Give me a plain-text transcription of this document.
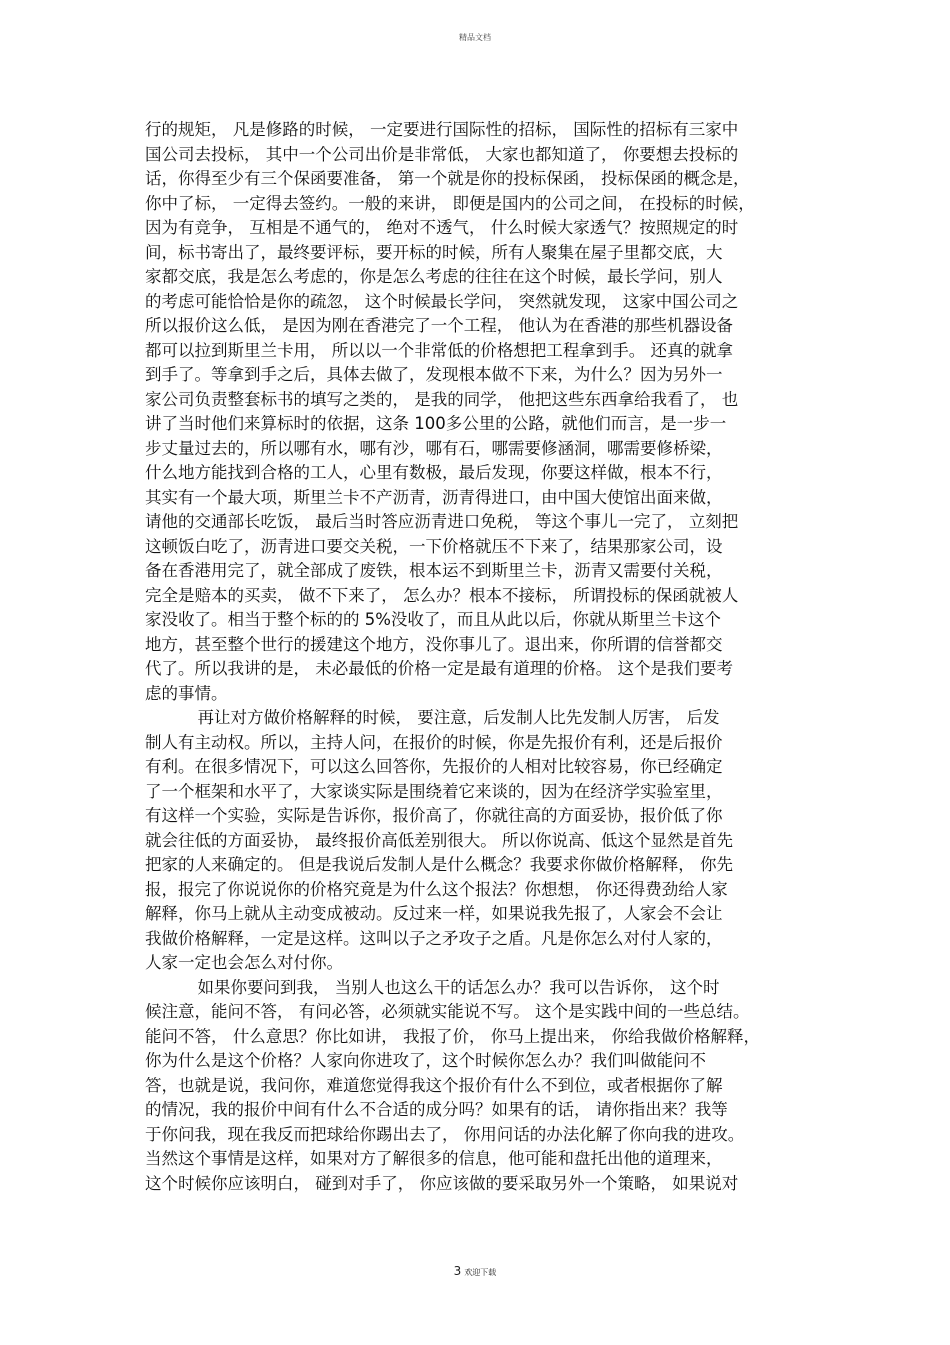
精品文档
行的规矩， 凡是修路的时候， 一定要进行国际性的招标， 国际性的招标有三家中
国公司去投标， 其中一个公司出价是非常低， 大家也都知道了， 你要想去投标的
话，你得至少有三个保函要准备， 第一个就是你的投标保函， 投标保函的概念是，
你中了标， 一定得去签约。一般的来讲， 即便是国内的公司之间， 在投标的时候，
因为有竞争， 互相是不通气的， 绝对不透气， 什么时候大家透气？按照规定的时
间，标书寄出了，最终要评标，要开标的时候，所有人聚集在屋子里都交底，大
家都交底，我是怎么考虑的，你是怎么考虑的往往在这个时候，最长学问，别人
的考虑可能恰恰是你的疏忽， 这个时候最长学问， 突然就发现， 这家中国公司之
所以报价这么低， 是因为刚在香港完了一个工程， 他认为在香港的那些机器设备
都可以拉到斯里兰卡用， 所以以一个非常低的价格想把工程拿到手。 还真的就拿
到手了。等拿到手之后，具体去做了，发现根本做不下来，为什么？因为另外一
家公司负责整套标书的填写之类的， 是我的同学， 他把这些东西拿给我看了， 也
讲了当时他们来算标时的依据，这条 100多公里的公路，就他们而言，是一步一
步丈量过去的，所以哪有水，哪有沙，哪有石，哪需要修涵洞，哪需要修桥梁，
什么地方能找到合格的工人，心里有数极，最后发现，你要这样做，根本不行，
其实有一个最大项，斯里兰卡不产沥青，沥青得进口，由中国大使馆出面来做，
请他的交通部长吃饭， 最后当时答应沥青进口免税， 等这个事儿一完了， 立刻把
这顿饭白吃了，沥青进口要交关税，一下价格就压不下来了，结果那家公司，设
备在香港用完了，就全部成了废铁，根本运不到斯里兰卡，沥青又需要付关税，
完全是赔本的买卖， 做不下来了， 怎么办？根本不接标， 所谓投标的保函就被人
家没收了。相当于整个标的的 5%没收了，而且从此以后，你就从斯里兰卡这个
地方，甚至整个世行的援建这个地方，没你事儿了。退出来，你所谓的信誉都交
代了。所以我讲的是， 未必最低的价格一定是最有道理的价格。 这个是我们要考
虑的事情。
再让对方做价格解释的时候， 要注意，后发制人比先发制人厉害， 后发
制人有主动权。所以，主持人问，在报价的时候，你是先报价有利，还是后报价
有利。在很多情况下，可以这么回答你，先报价的人相对比较容易，你已经确定
了一个框架和水平了，大家谈实际是围绕着它来谈的，因为在经济学实验室里，
有这样一个实验，实际是告诉你，报价高了，你就往高的方面妥协，报价低了你
就会往低的方面妥协， 最终报价高低差别很大。 所以你说高、低这个显然是首先
把家的人来确定的。 但是我说后发制人是什么概念？我要求你做价格解释， 你先
报，报完了你说说你的价格究竟是为什么这个报法？你想想， 你还得费劲给人家
解释，你马上就从主动变成被动。反过来一样，如果说我先报了，人家会不会让
我做价格解释，一定是这样。这叫以子之矛攻子之盾。凡是你怎么对付人家的，
人家一定也会怎么对付你。
如果你要问到我， 当别人也这么干的话怎么办？我可以告诉你， 这个时
候注意，能问不答， 有问必答，必须就实能说不写。 这个是实践中间的一些总结。
能问不答， 什么意思？你比如讲， 我报了价， 你马上提出来， 你给我做价格解释，
你为什么是这个价格？人家向你进攻了，这个时候你怎么办？我们叫做能问不
答，也就是说，我问你，难道您觉得我这个报价有什么不到位，或者根据你了解
的情况，我的报价中间有什么不合适的成分吗？如果有的话， 请你指出来？我等
于你问我，现在我反而把球给你踢出去了， 你用问话的办法化解了你向我的进攻。
当然这个事情是这样，如果对方了解很多的信息，他可能和盘托出他的道理来，
这个时候你应该明白， 碰到对手了， 你应该做的要采取另外一个策略， 如果说对
3 欢迎下载
